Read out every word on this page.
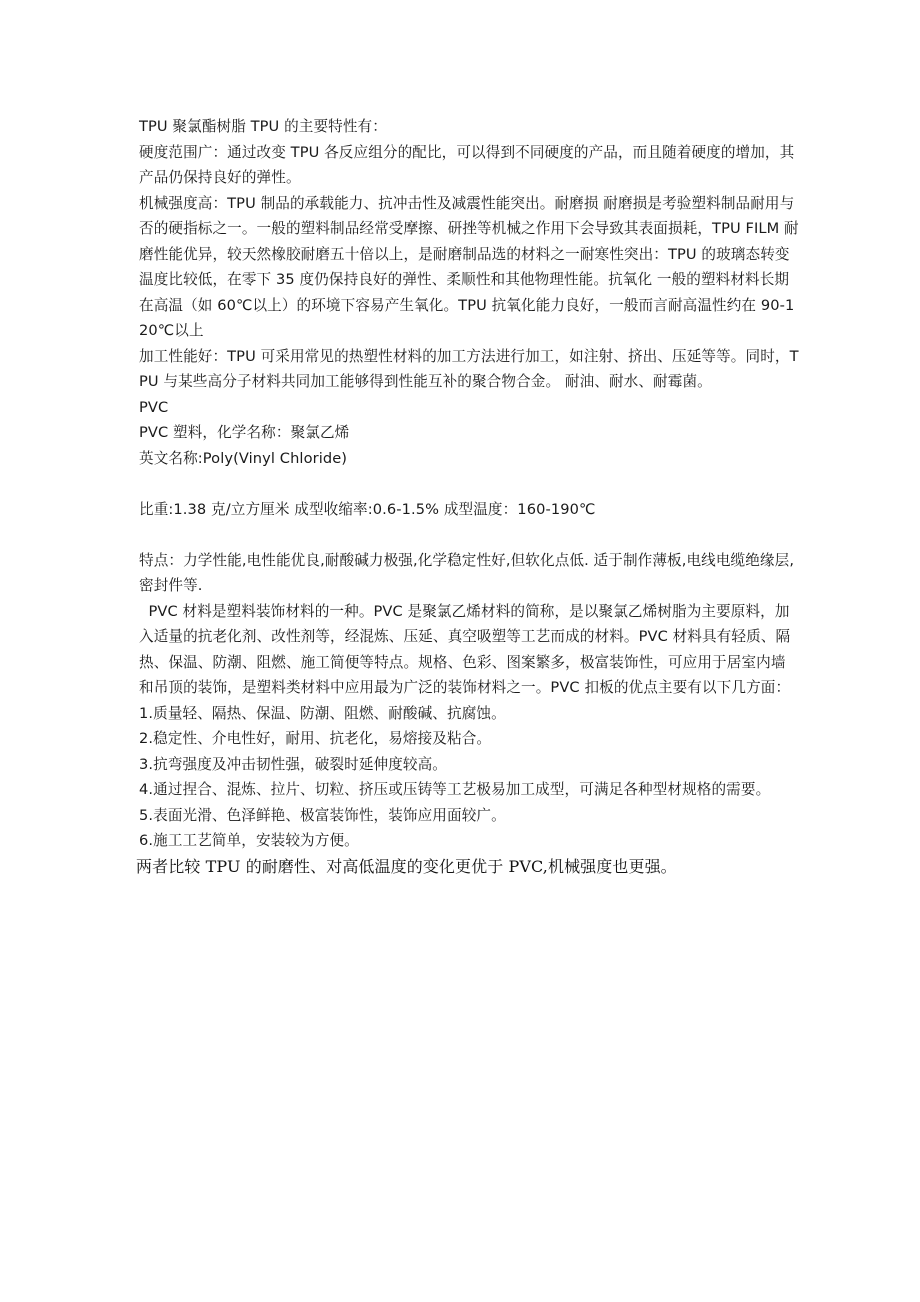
TPU 聚氯酯树脂 TPU 的主要特性有：

硬度范围广：通过改变 TPU 各反应组分的配比，可以得到不同硬度的产品，而且随着硬度的增加，其产品仍保持良好的弹性。

机械强度高：TPU 制品的承载能力、抗冲击性及减震性能突出。耐磨损 耐磨损是考验塑料制品耐用与否的硬指标之一。一般的塑料制品经常受摩擦、研挫等机械之作用下会导致其表面损耗，TPU FILM 耐磨性能优异，较天然橡胶耐磨五十倍以上，是耐磨制品选的材料之一耐寒性突出：TPU 的玻璃态转变温度比较低，在零下 35 度仍保持良好的弹性、柔顺性和其他物理性能。抗氧化 一般的塑料材料长期在高温（如 60℃以上）的环境下容易产生氧化。TPU 抗氧化能力良好，一般而言耐高温性约在 90-120℃以上

加工性能好：TPU 可采用常见的热塑性材料的加工方法进行加工，如注射、挤出、压延等等。同时，TPU 与某些高分子材料共同加工能够得到性能互补的聚合物合金。 耐油、耐水、耐霉菌。

PVC

PVC 塑料，化学名称：聚氯乙烯

英文名称:Poly(Vinyl Chloride)

比重:1.38 克/立方厘米 成型收缩率:0.6-1.5% 成型温度：160-190℃

特点：力学性能,电性能优良,耐酸碱力极强,化学稳定性好,但软化点低. 适于制作薄板,电线电缆绝缘层,密封件等.

PVC 材料是塑料装饰材料的一种。PVC 是聚氯乙烯材料的简称，是以聚氯乙烯树脂为主要原料，加入适量的抗老化剂、改性剂等，经混炼、压延、真空吸塑等工艺而成的材料。PVC 材料具有轻质、隔热、保温、防潮、阻燃、施工简便等特点。规格、色彩、图案繁多，极富装饰性，可应用于居室内墙和吊顶的装饰，是塑料类材料中应用最为广泛的装饰材料之一。PVC 扣板的优点主要有以下几方面：

1.质量轻、隔热、保温、防潮、阻燃、耐酸碱、抗腐蚀。

2.稳定性、介电性好，耐用、抗老化，易熔接及粘合。

3.抗弯强度及冲击韧性强，破裂时延伸度较高。

4.通过捏合、混炼、拉片、切粒、挤压或压铸等工艺极易加工成型，可满足各种型材规格的需要。

5.表面光滑、色泽鲜艳、极富装饰性，装饰应用面较广。

6.施工工艺简单，安装较为方便。

两者比较 TPU 的耐磨性、对高低温度的变化更优于 PVC,机械强度也更强。
